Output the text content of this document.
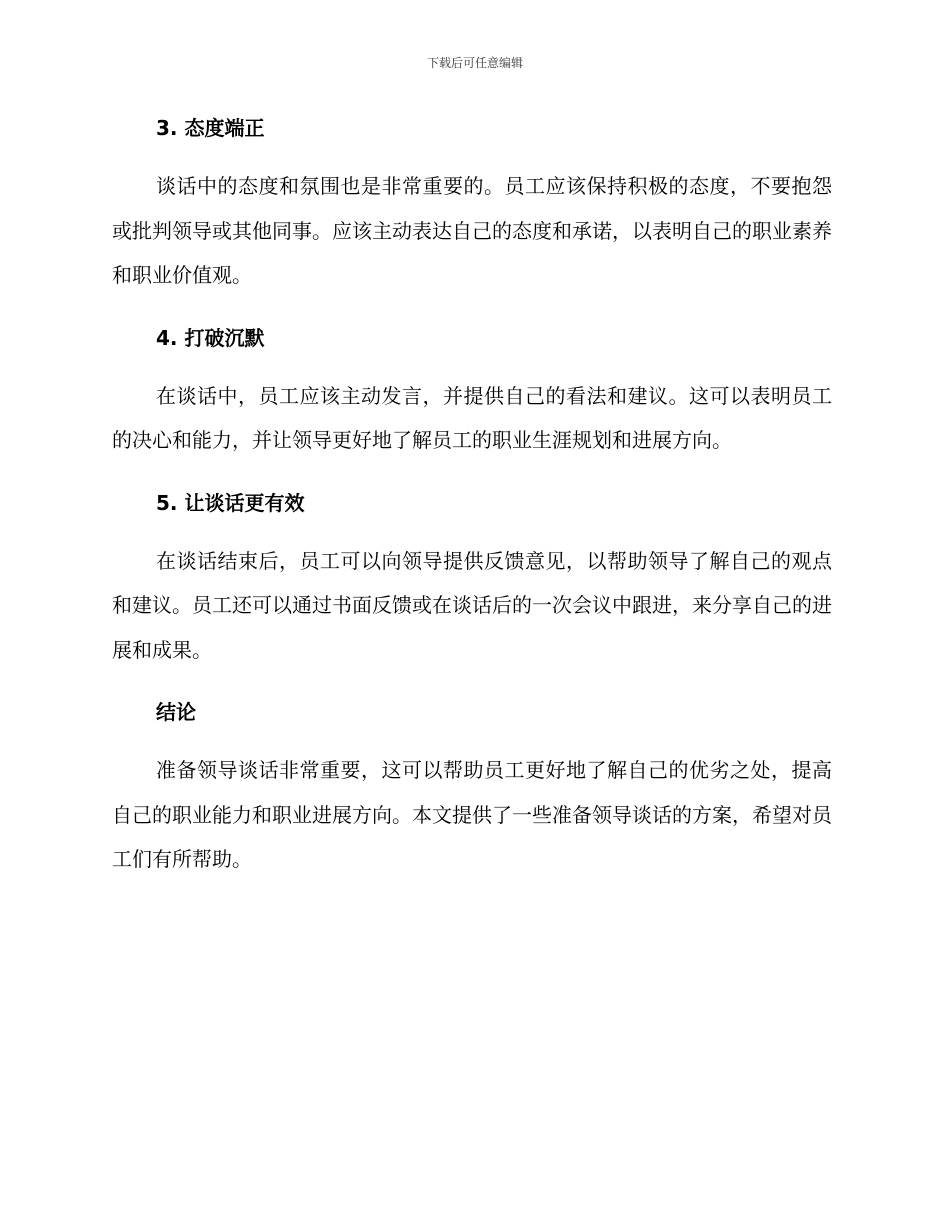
下载后可任意编辑
3. 态度端正

谈话中的态度和氛围也是非常重要的。员工应该保持积极的态度，不要抱怨或批判领导或其他同事。应该主动表达自己的态度和承诺，以表明自己的职业素养和职业价值观。

4. 打破沉默

在谈话中，员工应该主动发言，并提供自己的看法和建议。这可以表明员工的决心和能力，并让领导更好地了解员工的职业生涯规划和进展方向。

5. 让谈话更有效

在谈话结束后，员工可以向领导提供反馈意见，以帮助领导了解自己的观点和建议。员工还可以通过书面反馈或在谈话后的一次会议中跟进，来分享自己的进展和成果。

结论

准备领导谈话非常重要，这可以帮助员工更好地了解自己的优劣之处，提高自己的职业能力和职业进展方向。本文提供了一些准备领导谈话的方案，希望对员工们有所帮助。
